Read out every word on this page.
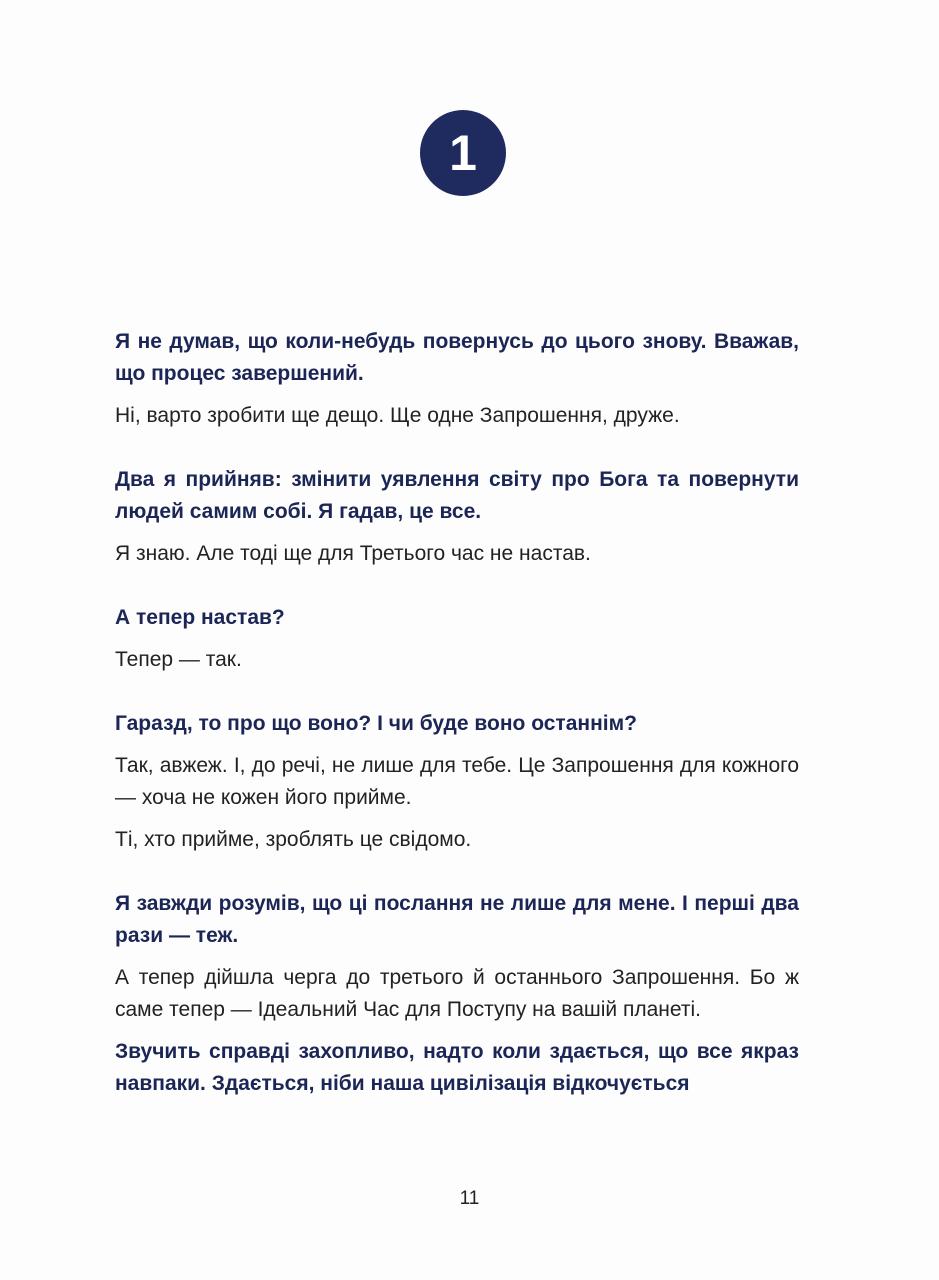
1

Я не думав, що коли-небудь повернусь до цього знову. Вважав, що процес завершений.

Ні, варто зробити ще дещо. Ще одне Запрошення, друже.

Два я прийняв: змінити уявлення світу про Бога та повернути людей самим собі. Я гадав, це все.

Я знаю. Але тоді ще для Третього час не настав.

А тепер настав?

Тепер — так.

Гаразд, то про що воно? І чи буде воно останнім?

Так, авжеж. І, до речі, не лише для тебе. Це Запрошення для кожного — хоча не кожен його прийме.

Ті, хто прийме, зроблять це свідомо.

Я завжди розумів, що ці послання не лише для мене. І перші два рази — теж.

А тепер дійшла черга до третього й останнього Запрошення. Бо ж саме тепер — Ідеальний Час для Поступу на вашій планеті.

Звучить справді захопливо, надто коли здається, що все якраз навпаки. Здається, ніби наша цивілізація відкочується

11
